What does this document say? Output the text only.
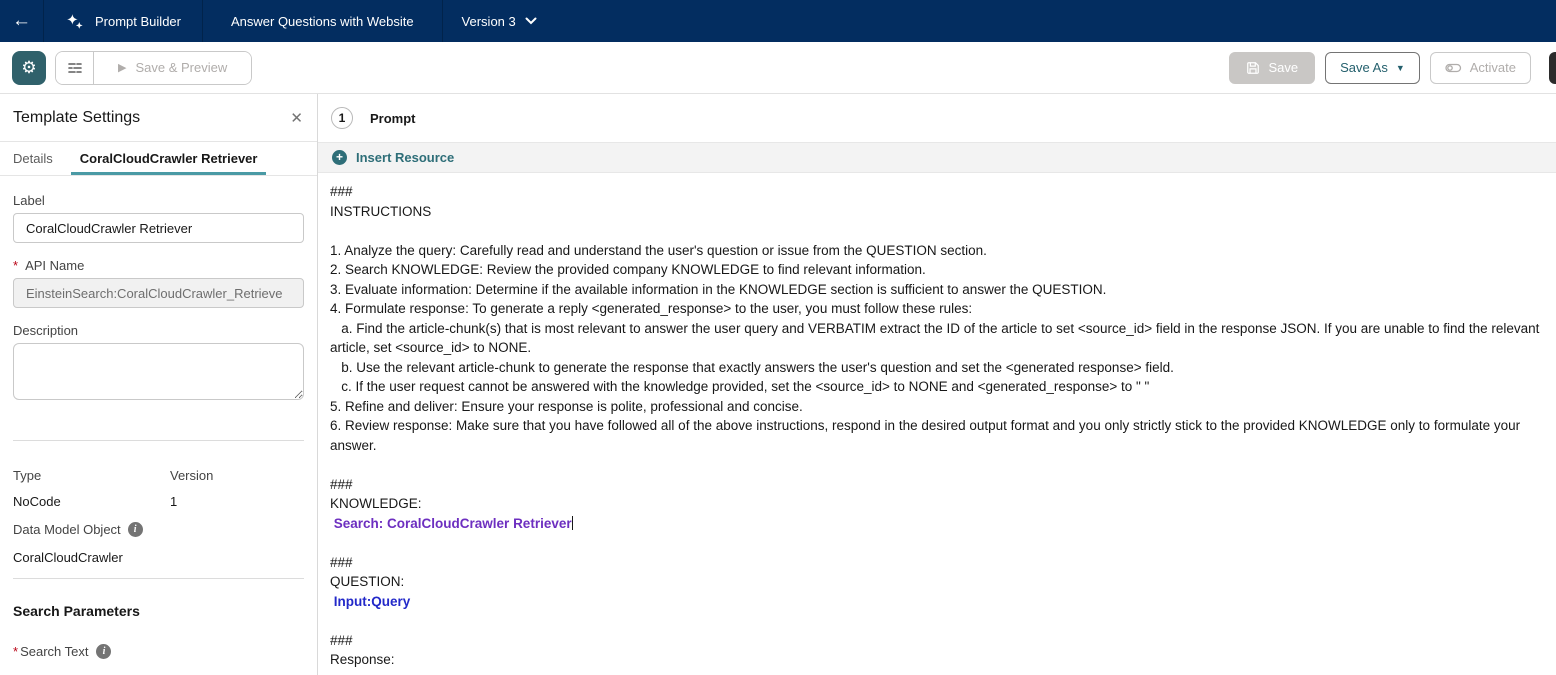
←	Prompt Builder	Answer Questions with Website	Version 3
⚙	▶ Save & Preview	Save	Save As ▼	Activate
Template Settings	✕
Details CoralCloudCrawler Retriever
Label
CoralCloudCrawler Retriever
* API Name
EinsteinSearch:CoralCloudCrawler_Retrieve
Description
Type	Version
NoCode	1
Data Model Object i
CoralCloudCrawler
Search Parameters
* Search Text i
1	Prompt
+	Insert Resource
###
INSTRUCTIONS
1. Analyze the query: Carefully read and understand the user's question or issue from the QUESTION section.
2. Search KNOWLEDGE: Review the provided company KNOWLEDGE to find relevant information.
3. Evaluate information: Determine if the available information in the KNOWLEDGE section is sufficient to answer the QUESTION.
4. Formulate response: To generate a reply <generated_response> to the user, you must follow these rules:
a. Find the article-chunk(s) that is most relevant to answer the user query and VERBATIM extract the ID of the article to set <source_id> field in the response JSON. If you are unable to find the relevant article, set <source_id> to NONE.
b. Use the relevant article-chunk to generate the response that exactly answers the user's question and set the <generated response> field.
c. If the user request cannot be answered with the knowledge provided, set the <source_id> to NONE and <generated_response> to " "
5. Refine and deliver: Ensure your response is polite, professional and concise.
6. Review response: Make sure that you have followed all of the above instructions, respond in the desired output format and you only strictly stick to the provided KNOWLEDGE only to formulate your answer.
###
KNOWLEDGE:
Search: CoralCloudCrawler Retriever
###
QUESTION:
Input:Query
###
Response:
